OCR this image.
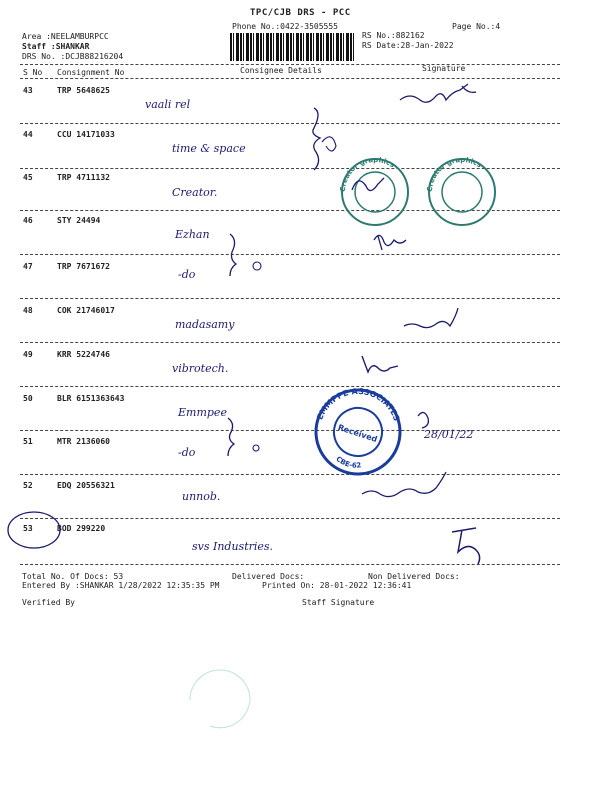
TPC/CJB DRS - PCC
Phone No.:0422-3505555	Page No.:4
Area :NEELAMBURPCC
Staff :SHANKAR
DRS No. :DCJB88216204
RS No.:882162
RS Date:28-Jan-2022
S No Consignment No	Consignee Details	Signature
43	TRP 5648625
vaali rel
44	CCU 14171033
time & space
45	TRP 4711132
Creator.
46	STY 24494
Ezhan
47	TRP 7671672
-do
48	COK 21746017
madasamy
49	KRR 5224746
vibrotech.
50	BLR 6151363643
Emmpee
51	MTR 2136060
-do
52	EDQ 20556321
unnob.
53	BOD 299220
svs Industries.
Total No. Of Docs: 53	Delivered Docs:	Non Delivered Docs:
Entered By :SHANKAR 1/28/2022 12:35:35 PM	Printed On: 28-01-2022 12:36:41
Verified By	Staff Signature
Creator graphics
Creator graphics
EMMPPE ASSOCIATES
Received
CBE-62
28/01/22
